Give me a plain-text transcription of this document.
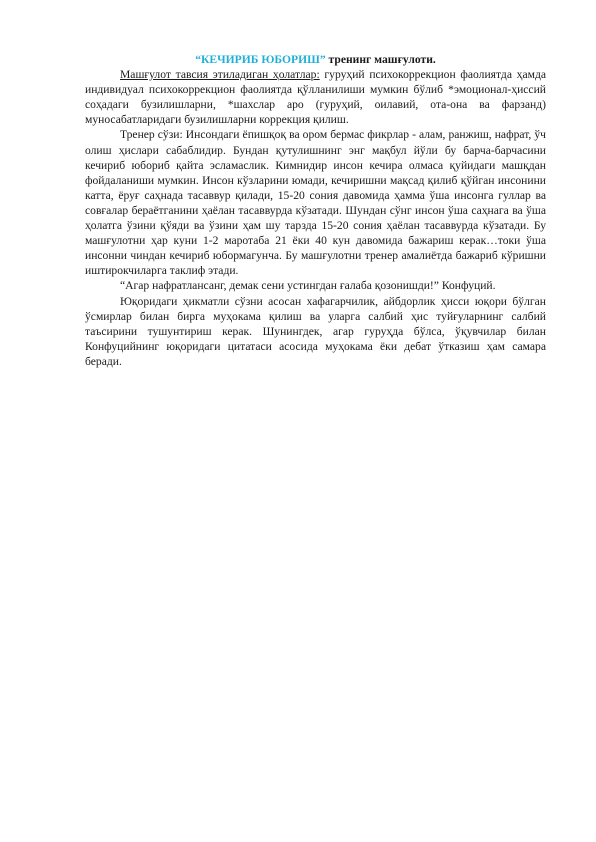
“КЕЧИРИБ ЮБОРИШ” тренинг машғулоти.

Машғулот тавсия этиладиган ҳолатлар: гуруҳий психокоррекцион фаолиятда ҳамда индивидуал психокоррекцион фаолиятда қўлланилиши мумкин бўлиб *эмоционал-ҳиссий соҳадаги бузилишларни, *шахслар аро (гуруҳий, оилавий, ота-она ва фарзанд) муносабатларидаги бузилишларни коррекция қилиш.

Тренер сўзи: Инсондаги ёпишқоқ ва ором бермас фикрлар - алам, ранжиш, нафрат, ўч олиш ҳислари сабаблидир. Бундан қутулишнинг энг мақбул йўли бу барча-барчасини кечириб юбориб қайта эсламаслик. Кимнидир инсон кечира олмаса қуйидаги машқдан фойдаланиши мумкин. Инсон кўзларини юмади, кечиришни мақсад қилиб қўйган инсонини катта, ёруғ саҳнада тасаввур қилади, 15-20 сония давомида ҳамма ўша инсонга гуллар ва совғалар бераётганини ҳаёлан тасаввурда кўзатади. Шундан сўнг инсон ўша саҳнага ва ўша ҳолатга ўзини қўяди ва ўзини ҳам шу тарзда 15-20 сония ҳаёлан тасаввурда кўзатади. Бу машғулотни ҳар куни 1-2 маротаба 21 ёки 40 кун давомида бажариш керак…токи ўша инсонни чиндан кечириб юбормагунча. Бу машғулотни тренер амалиётда бажариб кўришни иштирокчиларга таклиф этади.

“Агар нафратлансанг, демак сени устингдан ғалаба қозонишди!” Конфуций.

Юқоридаги ҳикматли сўзни асосан хафагарчилик, айбдорлик ҳисси юқори бўлган ўсмирлар билан бирга муҳокама қилиш ва уларга салбий ҳис туйғуларнинг салбий таъсирини тушунтириш керак. Шунингдек, агар гуруҳда бўлса, ўқувчилар билан Конфуцийнинг юқоридаги цитатаси асосида муҳокама ёки дебат ўтказиш ҳам самара беради.
